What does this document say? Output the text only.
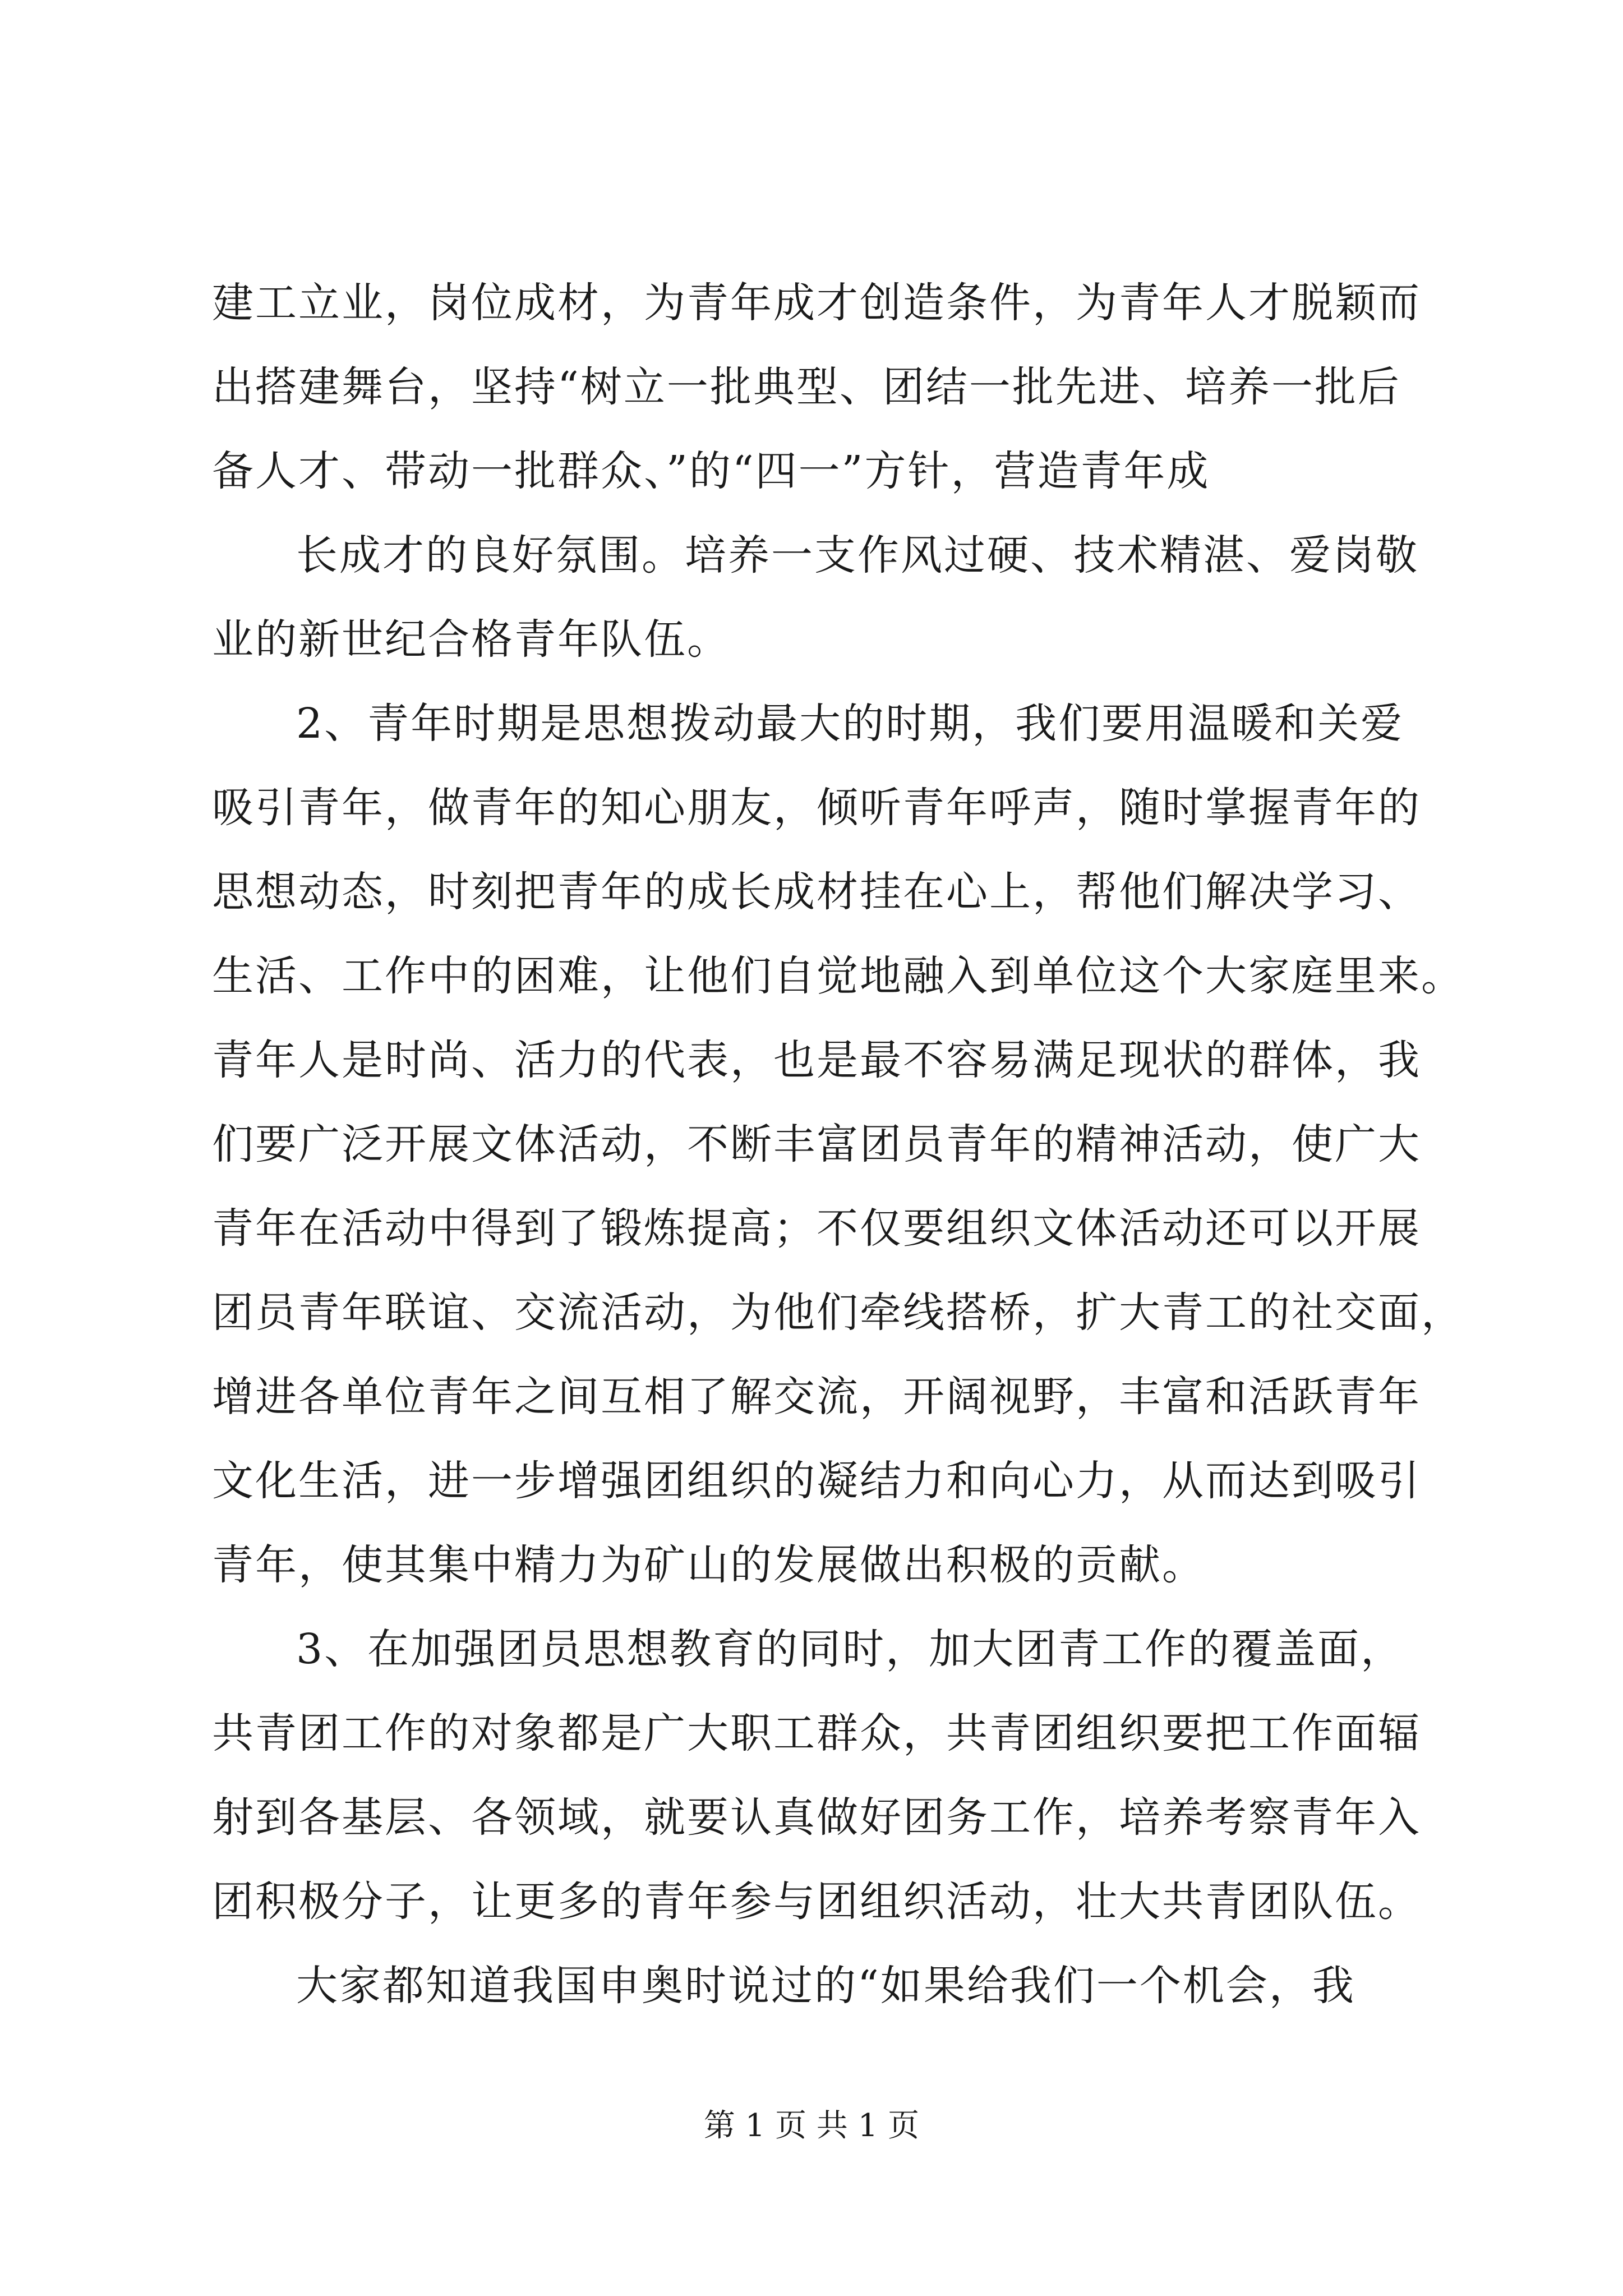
建工立业，岗位成材，为青年成才创造条件，为青年人才脱颖而
出搭建舞台，坚持“树立一批典型、团结一批先进、培养一批后
备人才、带动一批群众、”的“四一”方针，营造青年成
长成才的良好氛围。培养一支作风过硬、技术精湛、爱岗敬
业的新世纪合格青年队伍。
2、青年时期是思想拨动最大的时期，我们要用温暖和关爱
吸引青年，做青年的知心朋友，倾听青年呼声，随时掌握青年的
思想动态，时刻把青年的成长成材挂在心上，帮他们解决学习、
生活、工作中的困难，让他们自觉地融入到单位这个大家庭里来。
青年人是时尚、活力的代表，也是最不容易满足现状的群体，我
们要广泛开展文体活动，不断丰富团员青年的精神活动，使广大
青年在活动中得到了锻炼提高；不仅要组织文体活动还可以开展
团员青年联谊、交流活动，为他们牵线搭桥，扩大青工的社交面，
增进各单位青年之间互相了解交流，开阔视野，丰富和活跃青年
文化生活，进一步增强团组织的凝结力和向心力，从而达到吸引
青年，使其集中精力为矿山的发展做出积极的贡献。
3、在加强团员思想教育的同时，加大团青工作的覆盖面，
共青团工作的对象都是广大职工群众，共青团组织要把工作面辐
射到各基层、各领域，就要认真做好团务工作，培养考察青年入
团积极分子，让更多的青年参与团组织活动，壮大共青团队伍。
大家都知道我国申奥时说过的“如果给我们一个机会，我
第 1 页 共 1 页
